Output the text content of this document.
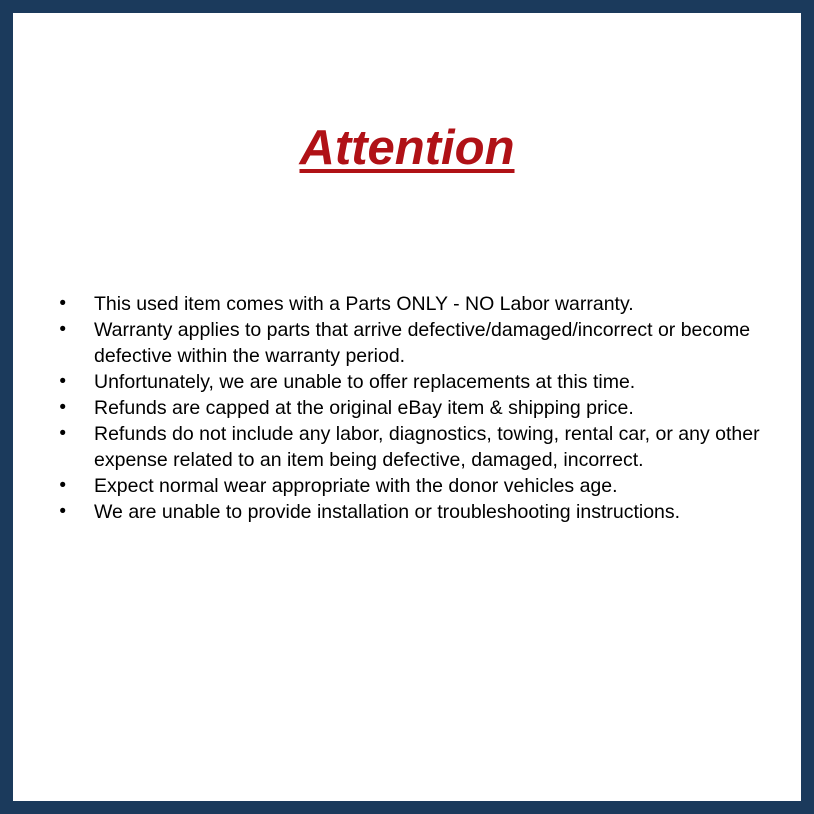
Attention
•	This used item comes with a Parts ONLY - NO Labor warranty.
•	Warranty applies to parts that arrive defective/damaged/incorrect or become defective within the warranty period.
•	Unfortunately, we are unable to offer replacements at this time.
•	Refunds are capped at the original eBay item & shipping price.
•	Refunds do not include any labor, diagnostics, towing, rental car, or any other expense related to an item being defective, damaged, incorrect.
•	Expect normal wear appropriate with the donor vehicles age.
•	We are unable to provide installation or troubleshooting instructions.
